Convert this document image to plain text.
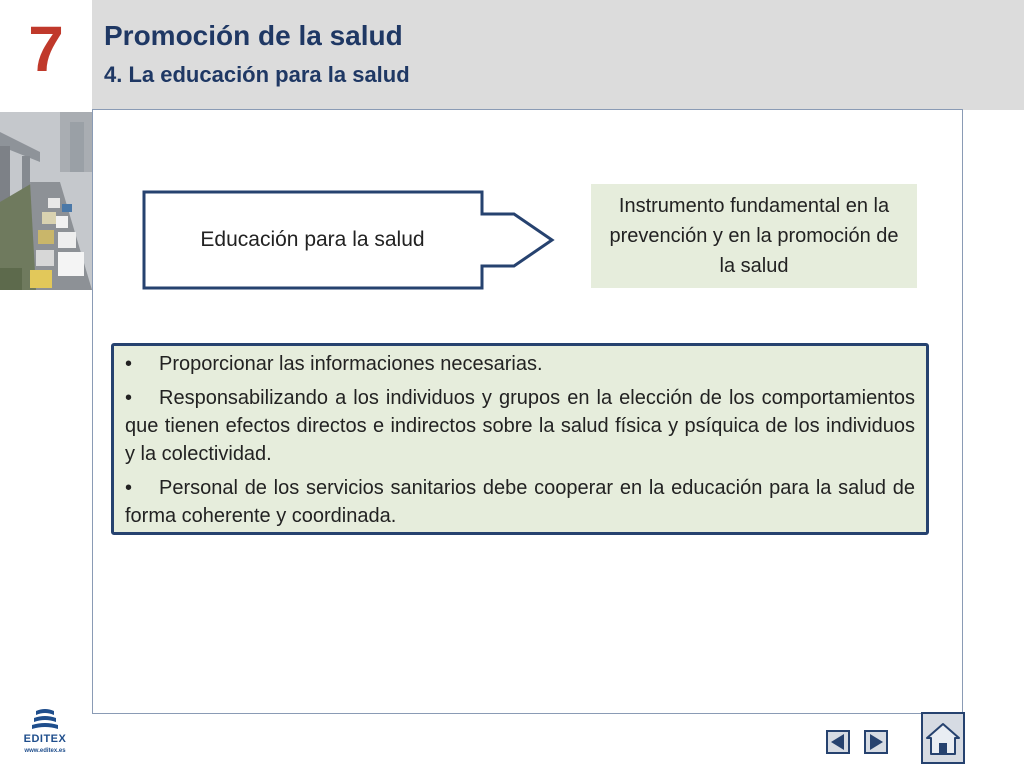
7 Promoción de la salud
4. La educación para la salud
Educación para la salud
Instrumento fundamental en la prevención y en la promoción de la salud

• Proporcionar las informaciones necesarias.

• Responsabilizando a los individuos y grupos en la elección de los comportamientos que tienen efectos directos e indirectos sobre la salud física y psíquica de los individuos y la colectividad.

• Personal de los servicios sanitarios debe cooperar en la educación para la salud de forma coherente y coordinada.

EDITEX
www.editex.es
